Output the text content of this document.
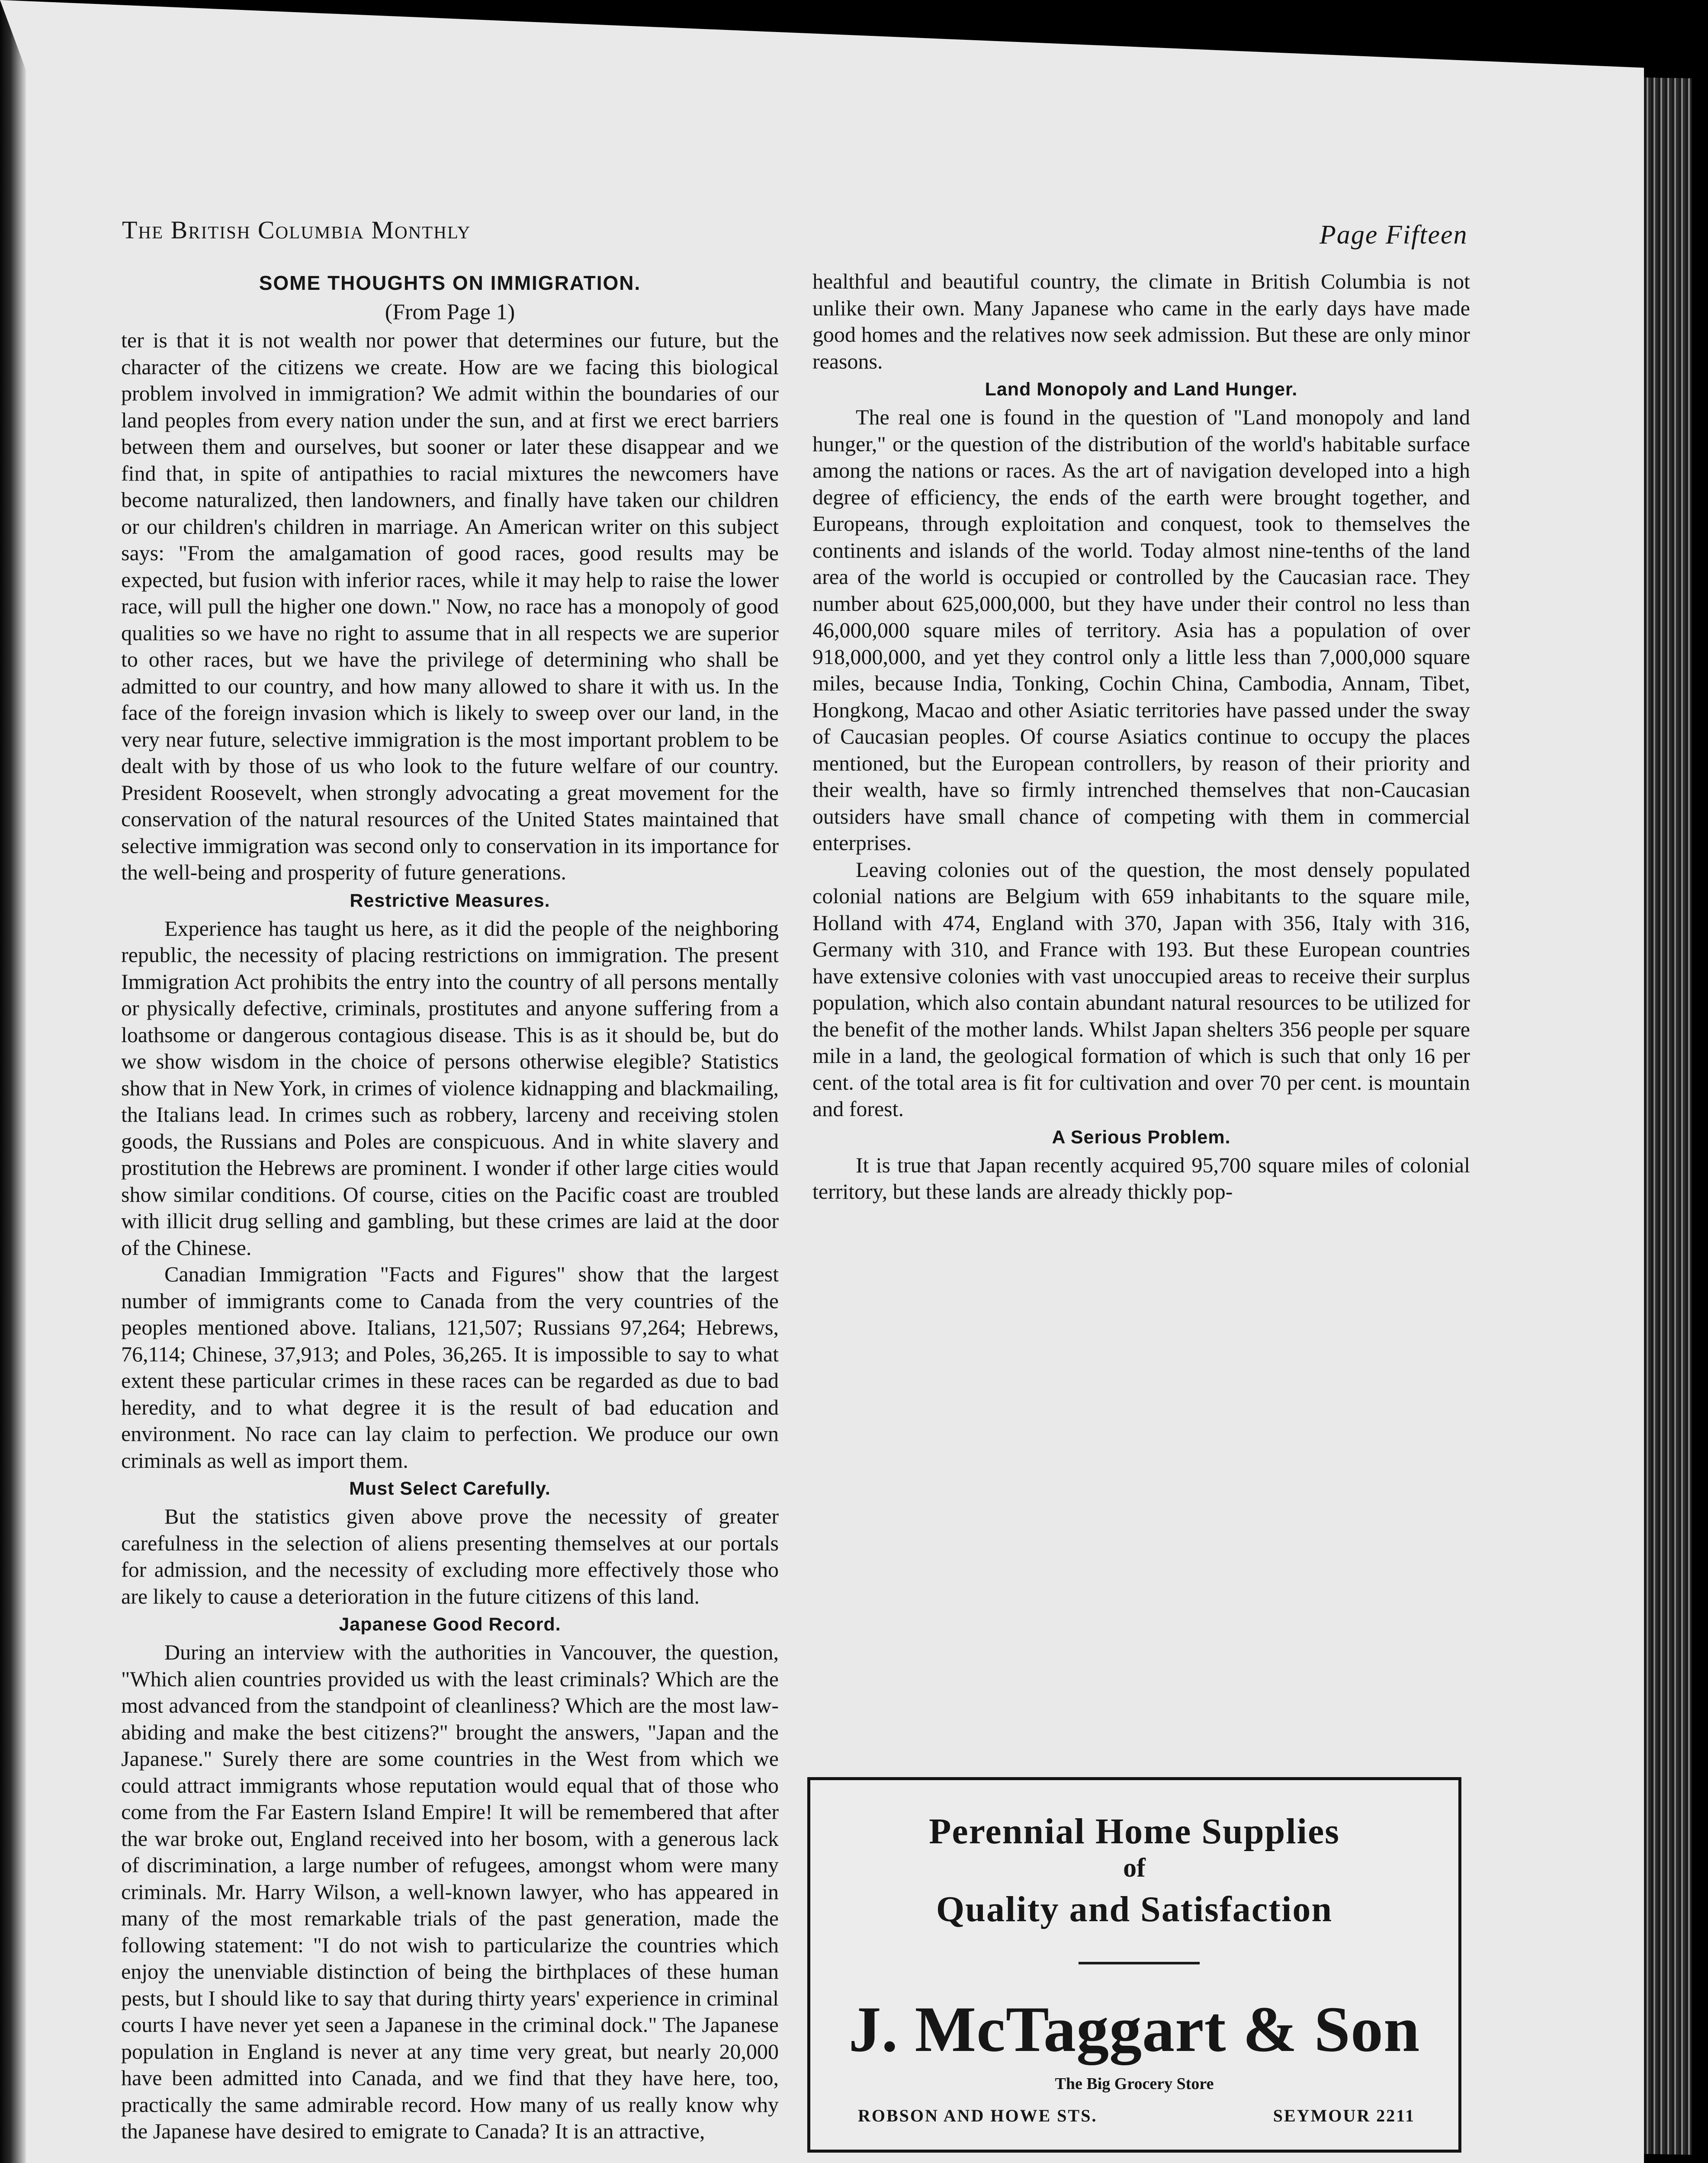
The British Columbia Monthly	Page Fifteen
SOME THOUGHTS ON IMMIGRATION.
(From Page 1)

ter is that it is not wealth nor power that determines our future, but the character of the citizens we create. How are we facing this biological problem involved in immigration? We admit within the boundaries of our land peoples from every nation under the sun, and at first we erect barriers between them and ourselves, but sooner or later these disappear and we find that, in spite of antipathies to racial mixtures the newcomers have become naturalized, then landowners, and finally have taken our children or our children's children in marriage. An American writer on this subject says: "From the amalgamation of good races, good results may be expected, but fusion with inferior races, while it may help to raise the lower race, will pull the higher one down." Now, no race has a monopoly of good qualities so we have no right to assume that in all respects we are superior to other races, but we have the privilege of determining who shall be admitted to our country, and how many allowed to share it with us. In the face of the foreign invasion which is likely to sweep over our land, in the very near future, selective immigration is the most important problem to be dealt with by those of us who look to the future welfare of our country. President Roosevelt, when strongly advocating a great movement for the conservation of the natural resources of the United States maintained that selective immigration was second only to conservation in its importance for the well-being and prosperity of future generations.

Restrictive Measures.

Experience has taught us here, as it did the people of the neighboring republic, the necessity of placing restrictions on immigration. The present Immigration Act prohibits the entry into the country of all persons mentally or physically defective, criminals, prostitutes and anyone suffering from a loathsome or dangerous contagious disease. This is as it should be, but do we show wisdom in the choice of persons otherwise elegible? Statistics show that in New York, in crimes of violence kidnapping and blackmailing, the Italians lead. In crimes such as robbery, larceny and receiving stolen goods, the Russians and Poles are conspicuous. And in white slavery and prostitution the Hebrews are prominent. I wonder if other large cities would show similar conditions. Of course, cities on the Pacific coast are troubled with illicit drug selling and gambling, but these crimes are laid at the door of the Chinese.

Canadian Immigration "Facts and Figures" show that the largest number of immigrants come to Canada from the very countries of the peoples mentioned above. Italians, 121,507; Russians 97,264; Hebrews, 76,114; Chinese, 37,913; and Poles, 36,265. It is impossible to say to what extent these particular crimes in these races can be regarded as due to bad heredity, and to what degree it is the result of bad education and environment. No race can lay claim to perfection. We produce our own criminals as well as import them.

Must Select Carefully.

But the statistics given above prove the necessity of greater carefulness in the selection of aliens presenting themselves at our portals for admission, and the necessity of excluding more effectively those who are likely to cause a deterioration in the future citizens of this land.

Japanese Good Record.

During an interview with the authorities in Vancouver, the question, "Which alien countries provided us with the least criminals? Which are the most advanced from the standpoint of cleanliness? Which are the most law-abiding and make the best citizens?" brought the answers, "Japan and the Japanese." Surely there are some countries in the West from which we could attract immigrants whose reputation would equal that of those who come from the Far Eastern Island Empire! It will be remembered that after the war broke out, England received into her bosom, with a generous lack of discrimination, a large number of refugees, amongst whom were many criminals. Mr. Harry Wilson, a well-known lawyer, who has appeared in many of the most remarkable trials of the past generation, made the following statement: "I do not wish to particularize the countries which enjoy the unenviable distinction of being the birthplaces of these human pests, but I should like to say that during thirty years' experience in criminal courts I have never yet seen a Japanese in the criminal dock." The Japanese population in England is never at any time very great, but nearly 20,000 have been admitted into Canada, and we find that they have here, too, practically the same admirable record. How many of us really know why the Japanese have desired to emigrate to Canada? It is an attractive,

healthful and beautiful country, the climate in British Columbia is not unlike their own. Many Japanese who came in the early days have made good homes and the relatives now seek admission. But these are only minor reasons.

Land Monopoly and Land Hunger.

The real one is found in the question of "Land monopoly and land hunger," or the question of the distribution of the world's habitable surface among the nations or races. As the art of navigation developed into a high degree of efficiency, the ends of the earth were brought together, and Europeans, through exploitation and conquest, took to themselves the continents and islands of the world. Today almost nine-tenths of the land area of the world is occupied or controlled by the Caucasian race. They number about 625,000,000, but they have under their control no less than 46,000,000 square miles of territory. Asia has a population of over 918,000,000, and yet they control only a little less than 7,000,000 square miles, because India, Tonking, Cochin China, Cambodia, Annam, Tibet, Hongkong, Macao and other Asiatic territories have passed under the sway of Caucasian peoples. Of course Asiatics continue to occupy the places mentioned, but the European controllers, by reason of their priority and their wealth, have so firmly intrenched themselves that non-Caucasian outsiders have small chance of competing with them in commercial enterprises.

Leaving colonies out of the question, the most densely populated colonial nations are Belgium with 659 inhabitants to the square mile, Holland with 474, England with 370, Japan with 356, Italy with 316, Germany with 310, and France with 193. But these European countries have extensive colonies with vast unoccupied areas to receive their surplus population, which also contain abundant natural resources to be utilized for the benefit of the mother lands. Whilst Japan shelters 356 people per square mile in a land, the geological formation of which is such that only 16 per cent. of the total area is fit for cultivation and over 70 per cent. is mountain and forest.

A Serious Problem.

It is true that Japan recently acquired 95,700 square miles of colonial territory, but these lands are already thickly pop-

Perennial Home Supplies
of
Quality and Satisfaction
J. McTaggart & Son
The Big Grocery Store
ROBSON AND HOWE STS.	SEYMOUR 2211
